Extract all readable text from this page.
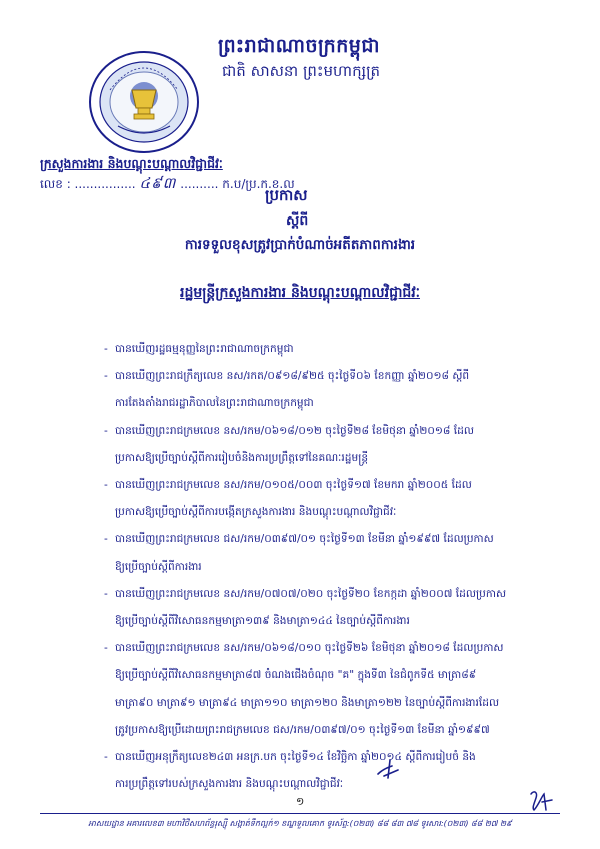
ព្រះរាជាណាចក្រកម្ពុជា
ជាតិ សាសនា ព្រះមហាក្សត្រ
ក្រសួងការងារ និងបណ្តុះបណ្តាលវិជ្ជាជីវៈ
លេខ : ................ ៤៩៣ .......... ក.ប/ប្រ.ក.ខ.ល
ប្រកាស
ស្តីពី
ការទទួលខុសត្រូវប្រាក់បំណាច់អតីតភាពការងារ
រដ្ឋមន្ត្រីក្រសួងការងារ និងបណ្តុះបណ្តាលវិជ្ជាជីវៈ
- បានឃើញរដ្ឋធម្មនុញ្ញនៃព្រះរាជាណាចក្រកម្ពុជា
- បានឃើញព្រះរាជក្រឹត្យលេខ នស/រកត/០៩១៨/៩២៥ ចុះថ្ងៃទី០៦ ខែកញ្ញា ឆ្នាំ២០១៨ ស្តីពី
ការតែងតាំងរាជរដ្ឋាភិបាលនៃព្រះរាជាណាចក្រកម្ពុជា
- បានឃើញព្រះរាជក្រមលេខ នស/រកម/០៦១៨/០១២ ចុះថ្ងៃទី២៨ ខែមិថុនា ឆ្នាំ២០១៨ ដែល
ប្រកាសឱ្យប្រើច្បាប់ស្តីពីការរៀបចំនិងការប្រព្រឹត្តទៅនៃគណៈរដ្ឋមន្ត្រី
- បានឃើញព្រះរាជក្រមលេខ នស/រកម/០១០៥/០០៣ ចុះថ្ងៃទី១៧ ខែមករា ឆ្នាំ២០០៥ ដែល
ប្រកាសឱ្យប្រើច្បាប់ស្តីពីការបង្កើតក្រសួងការងារ និងបណ្តុះបណ្តាលវិជ្ជាជីវៈ
- បានឃើញព្រះរាជក្រមលេខ ជស/រកម/០៣៩៧/០១ ចុះថ្ងៃទី១៣ ខែមីនា ឆ្នាំ១៩៩៧ ដែលប្រកាស
ឱ្យប្រើច្បាប់ស្តីពីការងារ
- បានឃើញព្រះរាជក្រមលេខ នស/រកម/០៧០៧/០២០ ចុះថ្ងៃទី២០ ខែកក្កដា ឆ្នាំ២០០៧ ដែលប្រកាស
ឱ្យប្រើច្បាប់ស្តីពីវិសោធនកម្មមាត្រា១៣៩ និងមាត្រា១៤៤ នៃច្បាប់ស្តីពីការងារ
- បានឃើញព្រះរាជក្រមលេខ នស/រកម/០៦១៨/០១០ ចុះថ្ងៃទី២៦ ខែមិថុនា ឆ្នាំ២០១៨ ដែលប្រកាស
ឱ្យប្រើច្បាប់ស្តីពីវិសោធនកម្មមាត្រា៨៧ ចំណងជើងចំណុច "គ" ក្នុងទី៣ នៃជំពូកទី៥ មាត្រា៨៩
មាត្រា៩០ មាត្រា៩១ មាត្រា៩៤ មាត្រា១១០ មាត្រា១២០ និងមាត្រា១២២ នៃច្បាប់ស្តីពីការងារដែល
ត្រូវប្រកាសឱ្យប្រើដោយព្រះរាជក្រមលេខ ជស/រកម/០៣៩៧/០១ ចុះថ្ងៃទី១៣ ខែមីនា ឆ្នាំ១៩៩៧
- បានឃើញអនុក្រឹត្យលេខ២៤៣ អនក្រ.បក ចុះថ្ងៃទី១៤ ខែវិច្ឆិកា ឆ្នាំ២០១៤ ស្តីពីការរៀបចំ និង
ការប្រព្រឹត្តទៅរបស់ក្រសួងការងារ និងបណ្តុះបណ្តាលវិជ្ជាជីវៈ
១
អាសយដ្ឋាន អគារលេខ៣ មហាវិថីសហព័ន្ធរុស្ស៊ី សង្កាត់ទឹកល្អក់១ ខណ្ឌទួលគោក ទូរស័ព្ទ:(០២៣) ៨៨ ៨៣ ៧៨ ទូរសារ:(០២៣) ៨៨ ២៧ ២៩
